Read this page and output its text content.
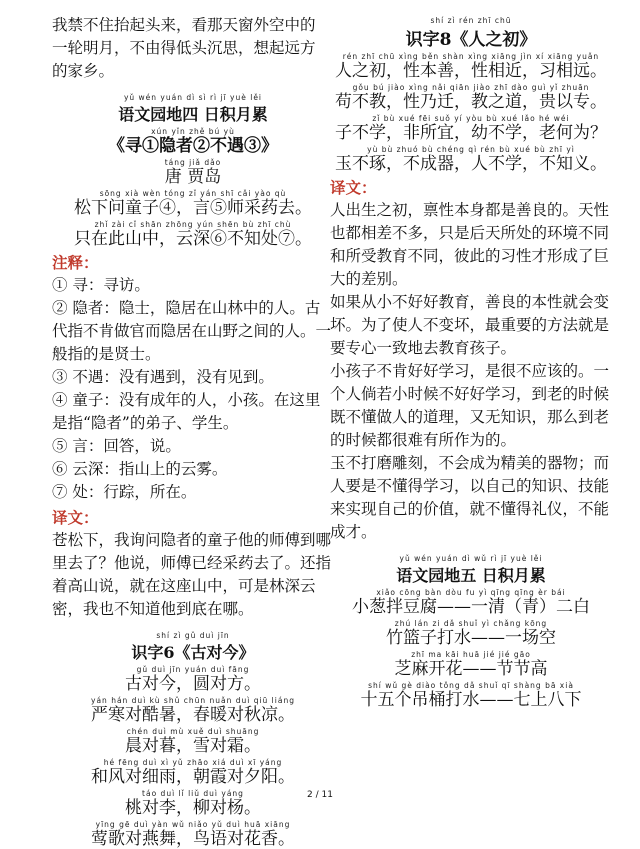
我禁不住抬起头来，看那天窗外空中的
一轮明月，不由得低头沉思，想起远方
的家乡。

yǔ wén yuán dì sì rì jī yuè lěi

语文园地四 日积月累

xún yǐn zhě bú yù

《寻①隐者②不遇③》

táng jiǎ dǎo

唐 贾岛

sōng xià wèn tóng zǐ yán shī cǎi yào qù

松下问童子④，言⑤师采药去。

zhǐ zài cǐ shān zhōng yún shēn bù zhī chù

只在此山中，云深⑥不知处⑦。

注释：

① 寻：寻访。

② 隐者：隐士，隐居在山林中的人。古代指不肯做官而隐居在山野之间的人。一般指的是贤士。

③ 不遇：没有遇到，没有见到。

④ 童子：没有成年的人，小孩。在这里是指“隐者”的弟子、学生。

⑤ 言：回答，说。

⑥ 云深：指山上的云雾。

⑦ 处：行踪，所在。

译文：

苍松下，我询问隐者的童子他的师傅到哪里去了？他说，师傅已经采药去了。还指着高山说，就在这座山中，可是林深云密，我也不知道他到底在哪。

shí zì gǔ duì jīn

识字6《古对今》

gǔ duì jīn yuán duì fāng

古对今，圆对方。

yán hán duì kù shǔ chūn nuǎn duì qiū liáng

严寒对酷暑，春暖对秋凉。

chén duì mù xuě duì shuāng

晨对暮，雪对霜。

hé fēng duì xì yǔ zhāo xiá duì xī yáng

和风对细雨，朝霞对夕阳。

táo duì lǐ liǔ duì yáng

桃对李，柳对杨。

yīng gē duì yàn wǔ niǎo yǔ duì huā xiāng

莺歌对燕舞，鸟语对花香。

shí zì rén zhī chū

识字8《人之初》

rén zhī chū xìng běn shàn xìng xiāng jìn xí xiāng yuǎn

人之初，性本善，性相近，习相远。

gǒu bú jiào xìng nǎi qiān jiào zhī dào guì yǐ zhuān

苟不教，性乃迁，教之道，贵以专。

zǐ bù xué fēi suǒ yí yòu bù xué lǎo hé wéi

子不学，非所宜，幼不学，老何为？

yù bù zhuó bù chéng qì rén bù xué bù zhī yì

玉不琢，不成器，人不学，不知义。

译文：

人出生之初，禀性本身都是善良的。天性也都相差不多，只是后天所处的环境不同和所受教育不同，彼此的习性才形成了巨大的差别。

如果从小不好好教育，善良的本性就会变坏。为了使人不变坏，最重要的方法就是要专心一致地去教育孩子。

小孩子不肯好好学习，是很不应该的。一个人倘若小时候不好好学习，到老的时候既不懂做人的道理，又无知识，那么到老的时候都很难有所作为的。

玉不打磨雕刻，不会成为精美的器物；而人要是不懂得学习，以自己的知识、技能来实现自己的价值，就不懂得礼仪，不能成才。

yǔ wén yuán dì wǔ rì jī yuè lěi

语文园地五 日积月累

xiǎo cōng bàn dòu fu yì qīng qīng èr bái

小葱拌豆腐——一清（青）二白

zhú lán zi dǎ shuǐ yì chǎng kōng

竹篮子打水——一场空

zhī ma kāi huā jié jié gāo

芝麻开花——节节高

shí wǔ gè diào tǒng dǎ shuǐ qī shàng bā xià

十五个吊桶打水——七上八下

2 / 11
